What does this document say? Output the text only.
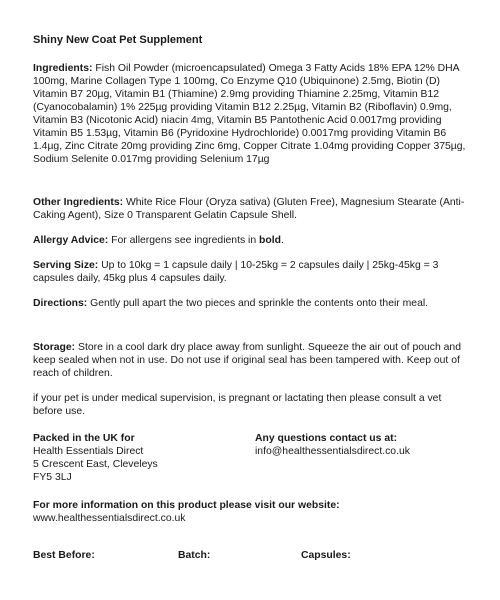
Shiny New Coat Pet Supplement
Ingredients: Fish Oil Powder (microencapsulated) Omega 3 Fatty Acids 18% EPA 12% DHA 100mg, Marine Collagen Type 1 100mg, Co Enzyme Q10 (Ubiquinone) 2.5mg, Biotin (D) Vitamin B7 20µg, Vitamin B1 (Thiamine) 2.9mg providing Thiamine 2.25mg, Vitamin B12 (Cyanocobalamin) 1% 225µg providing Vitamin B12 2.25µg, Vitamin B2 (Riboflavin) 0.9mg, Vitamin B3 (Nicotonic Acid) niacin 4mg, Vitamin B5 Pantothenic Acid 0.0017mg providing Vitamin B5 1.53µg, Vitamin B6 (Pyridoxine Hydrochloride) 0.0017mg providing Vitamin B6 1.4µg, Zinc Citrate 20mg providing Zinc 6mg, Copper Citrate 1.04mg providing Copper 375µg, Sodium Selenite 0.017mg providing Selenium 17µg
Other Ingredients: White Rice Flour (Oryza sativa) (Gluten Free), Magnesium Stearate (Anti-Caking Agent), Size 0 Transparent Gelatin Capsule Shell.
Allergy Advice: For allergens see ingredients in bold.
Serving Size: Up to 10kg = 1 capsule daily | 10-25kg = 2 capsules daily | 25kg-45kg = 3 capsules daily, 45kg plus 4 capsules daily.
Directions: Gently pull apart the two pieces and sprinkle the contents onto their meal.
Storage: Store in a cool dark dry place away from sunlight. Squeeze the air out of pouch and keep sealed when not in use. Do not use if original seal has been tampered with. Keep out of reach of children.
if your pet is under medical supervision, is pregnant or lactating then please consult a vet before use.
Packed in the UK for
Health Essentials Direct
5 Crescent East, Cleveleys
FY5 3LJ
Any questions contact us at:
info@healthessentialsdirect.co.uk
For more information on this product please visit our website:
www.healthessentialsdirect.co.uk
Best Before:	Batch:	Capsules:
